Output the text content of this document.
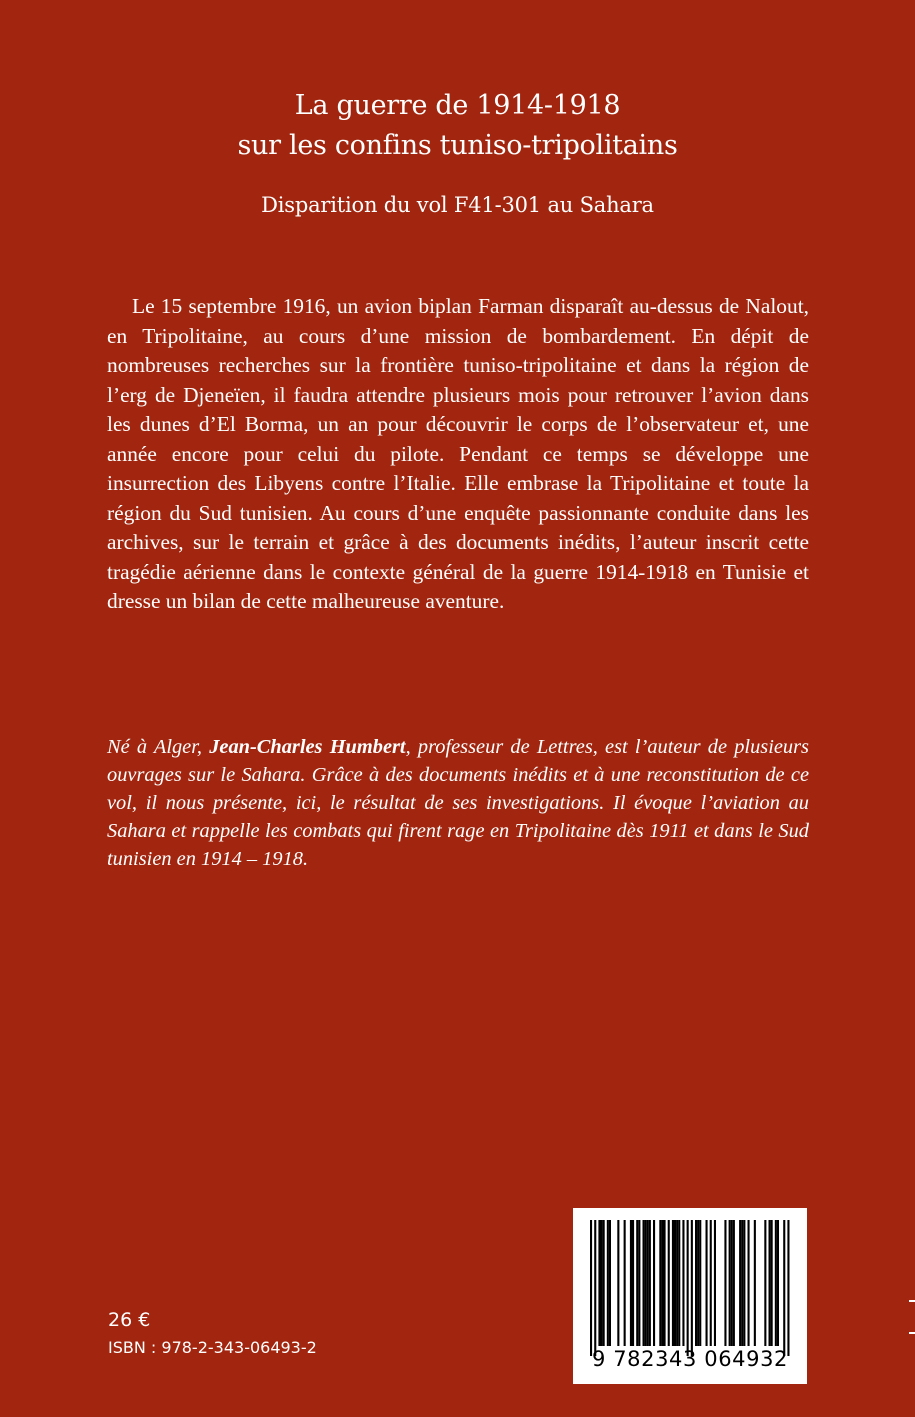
La guerre de 1914-1918
sur les confins tuniso-tripolitains
Disparition du vol F41-301 au Sahara

Le 15 septembre 1916, un avion biplan Farman disparaît au-dessus de Nalout, en Tripolitaine, au cours d’une mission de bombardement. En dépit de nombreuses recherches sur la frontière tuniso-tripolitaine et dans la région de l’erg de Djeneïen, il faudra attendre plusieurs mois pour retrouver l’avion dans les dunes d’El Borma, un an pour découvrir le corps de l’observateur et, une année encore pour celui du pilote. Pendant ce temps se développe une insurrection des Libyens contre l’Italie. Elle embrase la Tripolitaine et toute la région du Sud tunisien. Au cours d’une enquête passionnante conduite dans les archives, sur le terrain et grâce à des documents inédits, l’auteur inscrit cette tragédie aérienne dans le contexte général de la guerre 1914-1918 en Tunisie et dresse un bilan de cette malheureuse aventure.

Né à Alger, Jean-Charles Humbert, professeur de Lettres, est l’auteur de plusieurs ouvrages sur le Sahara. Grâce à des documents inédits et à une reconstitution de ce vol, il nous présente, ici, le résultat de ses investigations. Il évoque l’aviation au Sahara et rappelle les combats qui firent rage en Tripolitaine dès 1911 et dans le Sud tunisien en 1914 – 1918.

26 €
ISBN : 978-2-343-06493-2	9 782343 064932
